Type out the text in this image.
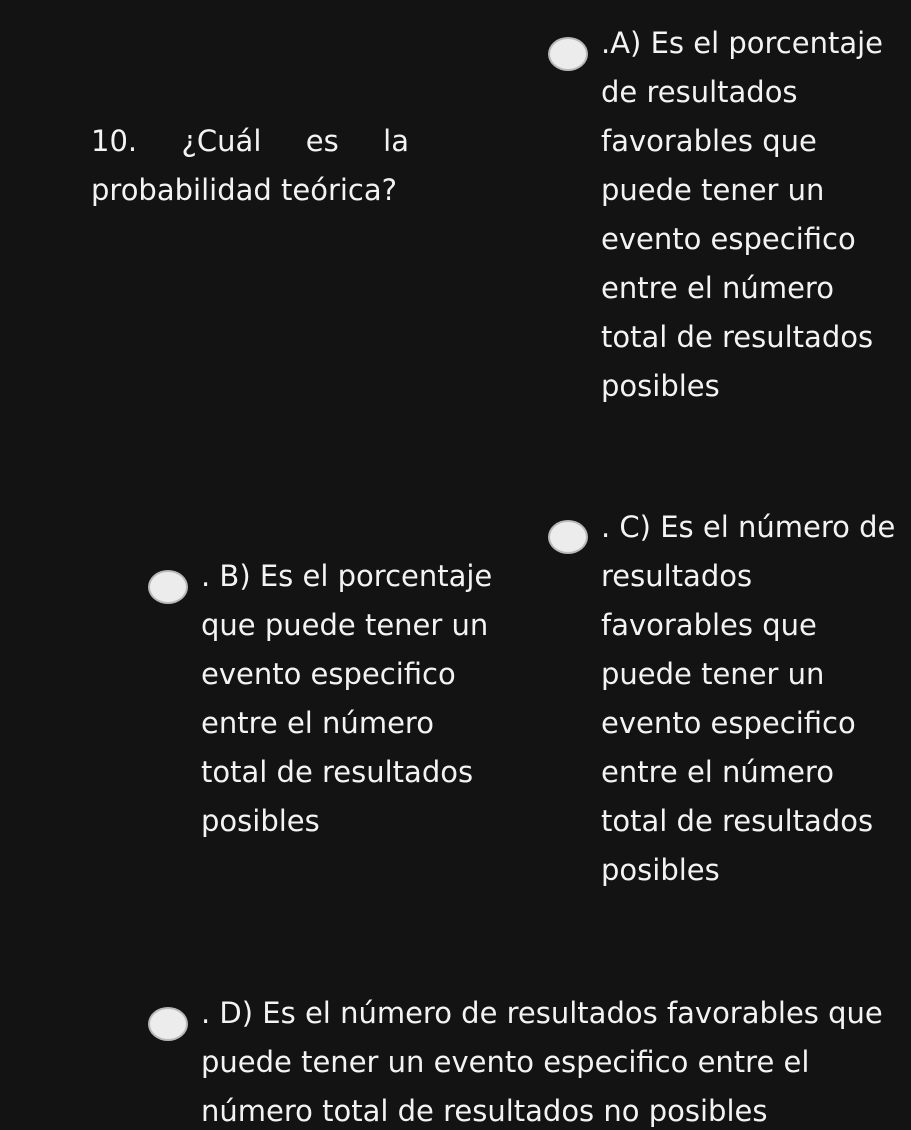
10. ¿Cuál es la probabilidad teórica?
.A) Es el porcentaje
de resultados
favorables que
puede tener un
evento especifico
entre el número
total de resultados
posibles
. B) Es el porcentaje
que puede tener un
evento especifico
entre el número
total de resultados
posibles
. C) Es el número de
resultados
favorables que
puede tener un
evento especifico
entre el número
total de resultados
posibles
. D) Es el número de resultados favorables que
puede tener un evento especifico entre el
número total de resultados no posibles
